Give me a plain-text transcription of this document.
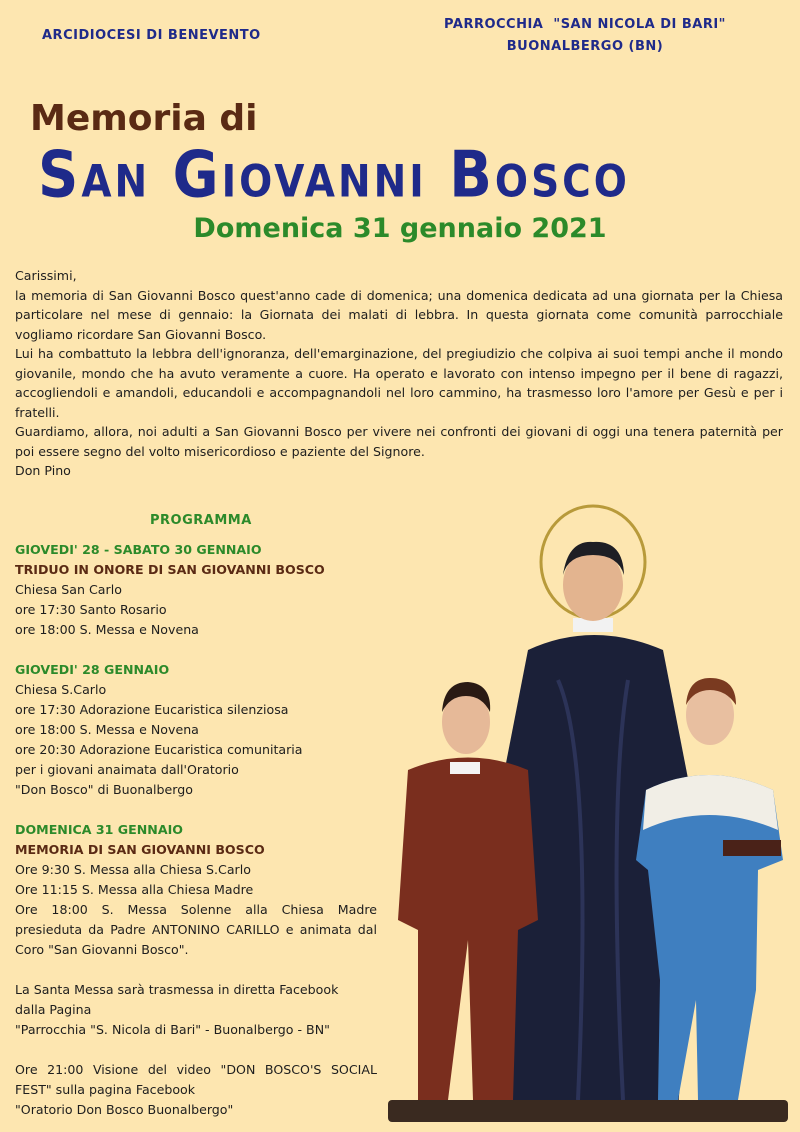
ARCIDIOCESI DI BENEVENTO
PARROCCHIA  "SAN NICOLA DI BARI"
BUONALBERGO (BN)
Memoria di
San Giovanni Bosco
Domenica 31 gennaio 2021

Carissimi,

la memoria di San Giovanni Bosco quest'anno cade di domenica; una domenica dedicata ad una giornata per la Chiesa particolare nel mese di gennaio: la Giornata dei malati di lebbra. In questa giornata come comunità parrocchiale vogliamo ricordare San Giovanni Bosco.

Lui ha combattuto la lebbra dell'ignoranza, dell'emarginazione, del pregiudizio che colpiva ai suoi tempi anche il mondo giovanile, mondo che ha avuto veramente a cuore. Ha operato e lavorato con intenso impegno per il bene di ragazzi, accogliendoli e amandoli, educandoli e accompagnandoli nel loro cammino, ha trasmesso loro l'amore per Gesù e per i fratelli.

Guardiamo, allora, noi adulti a San Giovanni Bosco per vivere nei confronti dei giovani di oggi una tenera paternità per poi essere segno del volto misericordioso e paziente del Signore.

Don Pino

PROGRAMMA

GIOVEDI' 28 - SABATO 30 GENNAIO

TRIDUO IN ONORE DI SAN GIOVANNI BOSCO

Chiesa San Carlo

ore 17:30 Santo Rosario

ore 18:00 S. Messa e Novena

GIOVEDI' 28 GENNAIO

Chiesa S.Carlo

ore 17:30 Adorazione Eucaristica silenziosa

ore 18:00 S. Messa e Novena

ore 20:30 Adorazione Eucaristica comunitaria

per i giovani anaimata dall'Oratorio

"Don Bosco" di Buonalbergo

DOMENICA 31 GENNAIO

MEMORIA DI SAN GIOVANNI BOSCO

Ore 9:30 S. Messa alla Chiesa S.Carlo

Ore 11:15 S. Messa alla Chiesa Madre

Ore 18:00 S. Messa Solenne alla Chiesa Madre presieduta da Padre ANTONINO CARILLO e animata dal Coro "San Giovanni Bosco".

La Santa Messa sarà trasmessa in diretta Facebook

dalla Pagina

"Parrocchia "S. Nicola di Bari" - Buonalbergo - BN"

Ore 21:00 Visione del video "DON BOSCO'S SOCIAL FEST" sulla pagina Facebook

"Oratorio Don Bosco Buonalbergo"
